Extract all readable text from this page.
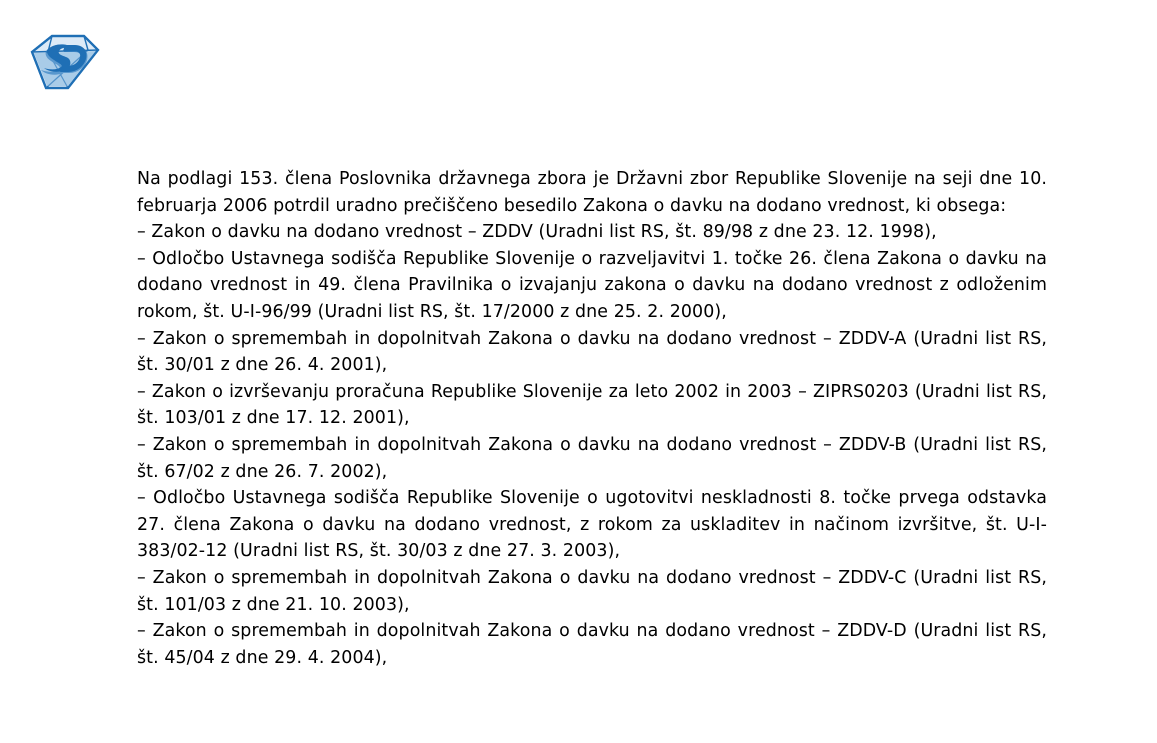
Na podlagi 153. člena Poslovnika državnega zbora je Državni zbor Republike Slovenije na seji dne 10. februarja 2006 potrdil uradno prečiščeno besedilo Zakona o davku na dodano vrednost, ki obsega:

– Zakon o davku na dodano vrednost – ZDDV (Uradni list RS, št. 89/98 z dne 23. 12. 1998),

– Odločbo Ustavnega sodišča Republike Slovenije o razveljavitvi 1. točke 26. člena Zakona o davku na dodano vrednost in 49. člena Pravilnika o izvajanju zakona o davku na dodano vrednost z odloženim rokom, št. U-I-96/99 (Uradni list RS, št. 17/2000 z dne 25. 2. 2000),

– Zakon o spremembah in dopolnitvah Zakona o davku na dodano vrednost – ZDDV-A (Uradni list RS, št. 30/01 z dne 26. 4. 2001),

– Zakon o izvrševanju proračuna Republike Slovenije za leto 2002 in 2003 – ZIPRS0203 (Uradni list RS, št. 103/01 z dne 17. 12. 2001),

– Zakon o spremembah in dopolnitvah Zakona o davku na dodano vrednost – ZDDV-B (Uradni list RS, št. 67/02 z dne 26. 7. 2002),

– Odločbo Ustavnega sodišča Republike Slovenije o ugotovitvi neskladnosti 8. točke prvega odstavka 27. člena Zakona o davku na dodano vrednost, z rokom za uskladitev in načinom izvršitve, št. U-I-383/02-12 (Uradni list RS, št. 30/03 z dne 27. 3. 2003),

– Zakon o spremembah in dopolnitvah Zakona o davku na dodano vrednost – ZDDV-C (Uradni list RS, št. 101/03 z dne 21. 10. 2003),

– Zakon o spremembah in dopolnitvah Zakona o davku na dodano vrednost – ZDDV-D (Uradni list RS, št. 45/04 z dne 29. 4. 2004),
